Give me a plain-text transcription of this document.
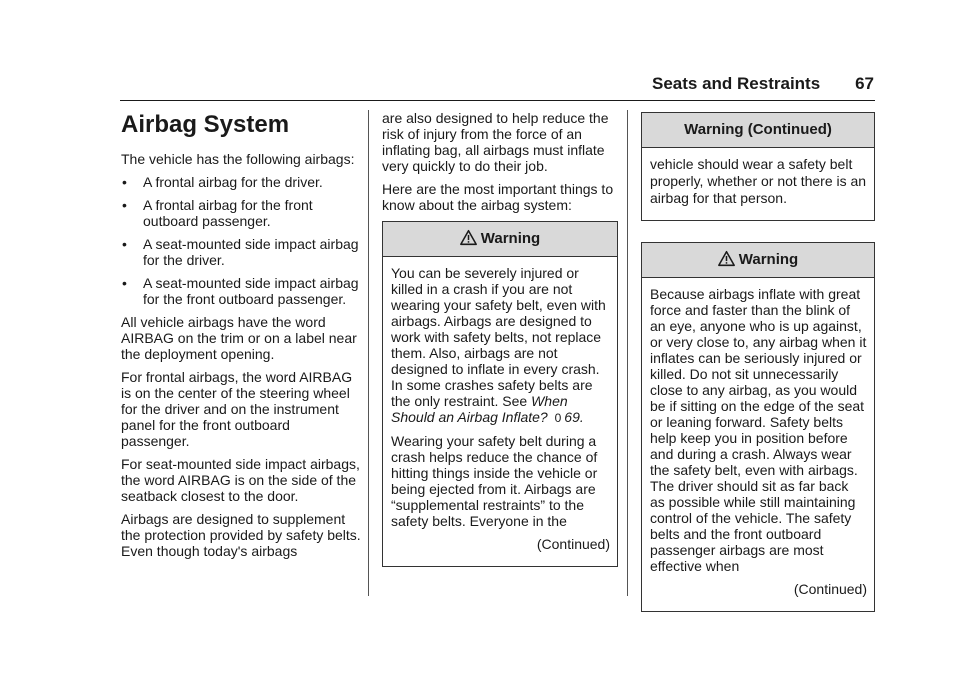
Seats and Restraints 67
Airbag System

The vehicle has the following airbags:

• A frontal airbag for the driver.
• A frontal airbag for the front outboard passenger.
• A seat-mounted side impact airbag for the driver.
• A seat-mounted side impact airbag for the front outboard passenger.

All vehicle airbags have the word AIRBAG on the trim or on a label near the deployment opening.

For frontal airbags, the word AIRBAG is on the center of the steering wheel for the driver and on the instrument panel for the front outboard passenger.

For seat-mounted side impact airbags, the word AIRBAG is on the side of the seatback closest to the door.

Airbags are designed to supplement the protection provided by safety belts. Even though today's airbags

are also designed to help reduce the risk of injury from the force of an inflating bag, all airbags must inflate very quickly to do their job.

Here are the most important things to know about the airbag system:

Warning

You can be severely injured or killed in a crash if you are not wearing your safety belt, even with airbags. Airbags are designed to work with safety belts, not replace them. Also, airbags are not designed to inflate in every crash. In some crashes safety belts are the only restraint. See When Should an Airbag Inflate? 0 69.

Wearing your safety belt during a crash helps reduce the chance of hitting things inside the vehicle or being ejected from it. Airbags are “supplemental restraints” to the safety belts. Everyone in the

(Continued)

Warning (Continued)

vehicle should wear a safety belt properly, whether or not there is an airbag for that person.

Warning

Because airbags inflate with great force and faster than the blink of an eye, anyone who is up against, or very close to, any airbag when it inflates can be seriously injured or killed. Do not sit unnecessarily close to any airbag, as you would be if sitting on the edge of the seat or leaning forward. Safety belts help keep you in position before and during a crash. Always wear the safety belt, even with airbags. The driver should sit as far back as possible while still maintaining control of the vehicle. The safety belts and the front outboard passenger airbags are most effective when

(Continued)
